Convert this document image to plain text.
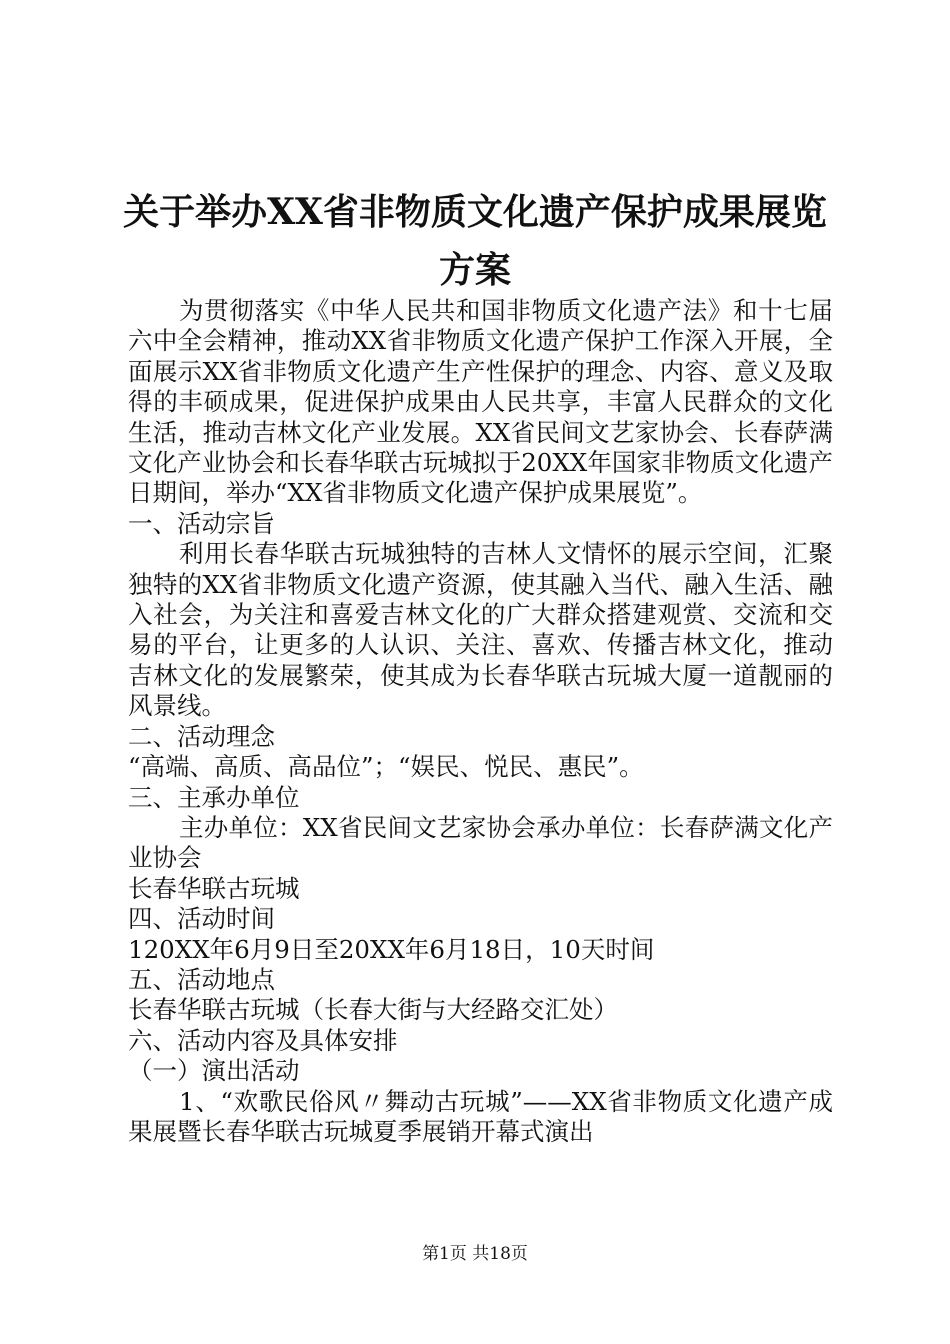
关于举办XX省非物质文化遗产保护成果展览
方案

为贯彻落实《中华人民共和国非物质文化遗产法》和十七届六中全会精神，推动XX省非物质文化遗产保护工作深入开展，全面展示XX省非物质文化遗产生产性保护的理念、内容、意义及取得的丰硕成果，促进保护成果由人民共享，丰富人民群众的文化生活，推动吉林文化产业发展。XX省民间文艺家协会、长春萨满文化产业协会和长春华联古玩城拟于20XX年国家非物质文化遗产日期间，举办“XX省非物质文化遗产保护成果展览”。

一、活动宗旨

利用长春华联古玩城独特的吉林人文情怀的展示空间，汇聚独特的XX省非物质文化遗产资源，使其融入当代、融入生活、融入社会，为关注和喜爱吉林文化的广大群众搭建观赏、交流和交易的平台，让更多的人认识、关注、喜欢、传播吉林文化，推动吉林文化的发展繁荣，使其成为长春华联古玩城大厦一道靓丽的风景线。

二、活动理念

“高端、高质、高品位”；“娱民、悦民、惠民”。

三、主承办单位

主办单位：XX省民间文艺家协会承办单位：长春萨满文化产业协会

长春华联古玩城

四、活动时间

120XX年6月9日至20XX年6月18日，10天时间

五、活动地点

长春华联古玩城（长春大街与大经路交汇处）

六、活动内容及具体安排

（一）演出活动

1、“欢歌民俗风〃舞动古玩城”——XX省非物质文化遗产成果展暨长春华联古玩城夏季展销开幕式演出

第1页 共18页
